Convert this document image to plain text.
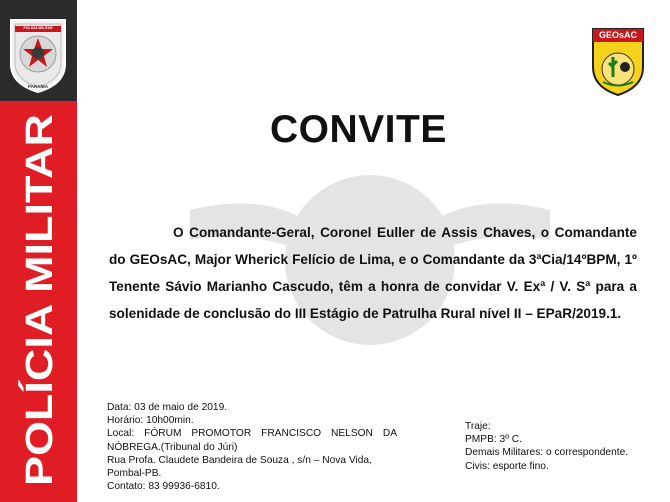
POLÍCIA MILITAR
PARAÍBA
POLÍCIA MILITAR
GEOsAC
CONVITE
O Comandante-Geral, Coronel Euller de Assis Chaves, o Comandante do GEOsAC, Major Wherick Felício de Lima, e o Comandante da 3ªCia/14ºBPM, 1º Tenente Sávio Marianho Cascudo, têm a honra de convidar V. Exª / V. Sª para a solenidade de conclusão do III Estágio de Patrulha Rural nível II – EPaR/2019.1.
Data: 03 de maio de 2019.
Horário: 10h00min.
Local: FÓRUM PROMOTOR FRANCISCO NELSON DA
NÓBREGA.(Tribunal do Júri)
Rua Profa. Claudete Bandeira de Souza , s/n – Nova Vida,
Pombal-PB.
Contato: 83 99936-6810.
Traje:
PMPB: 3º C.
Demais Militares: o correspondente.
Civis: esporte fino.
